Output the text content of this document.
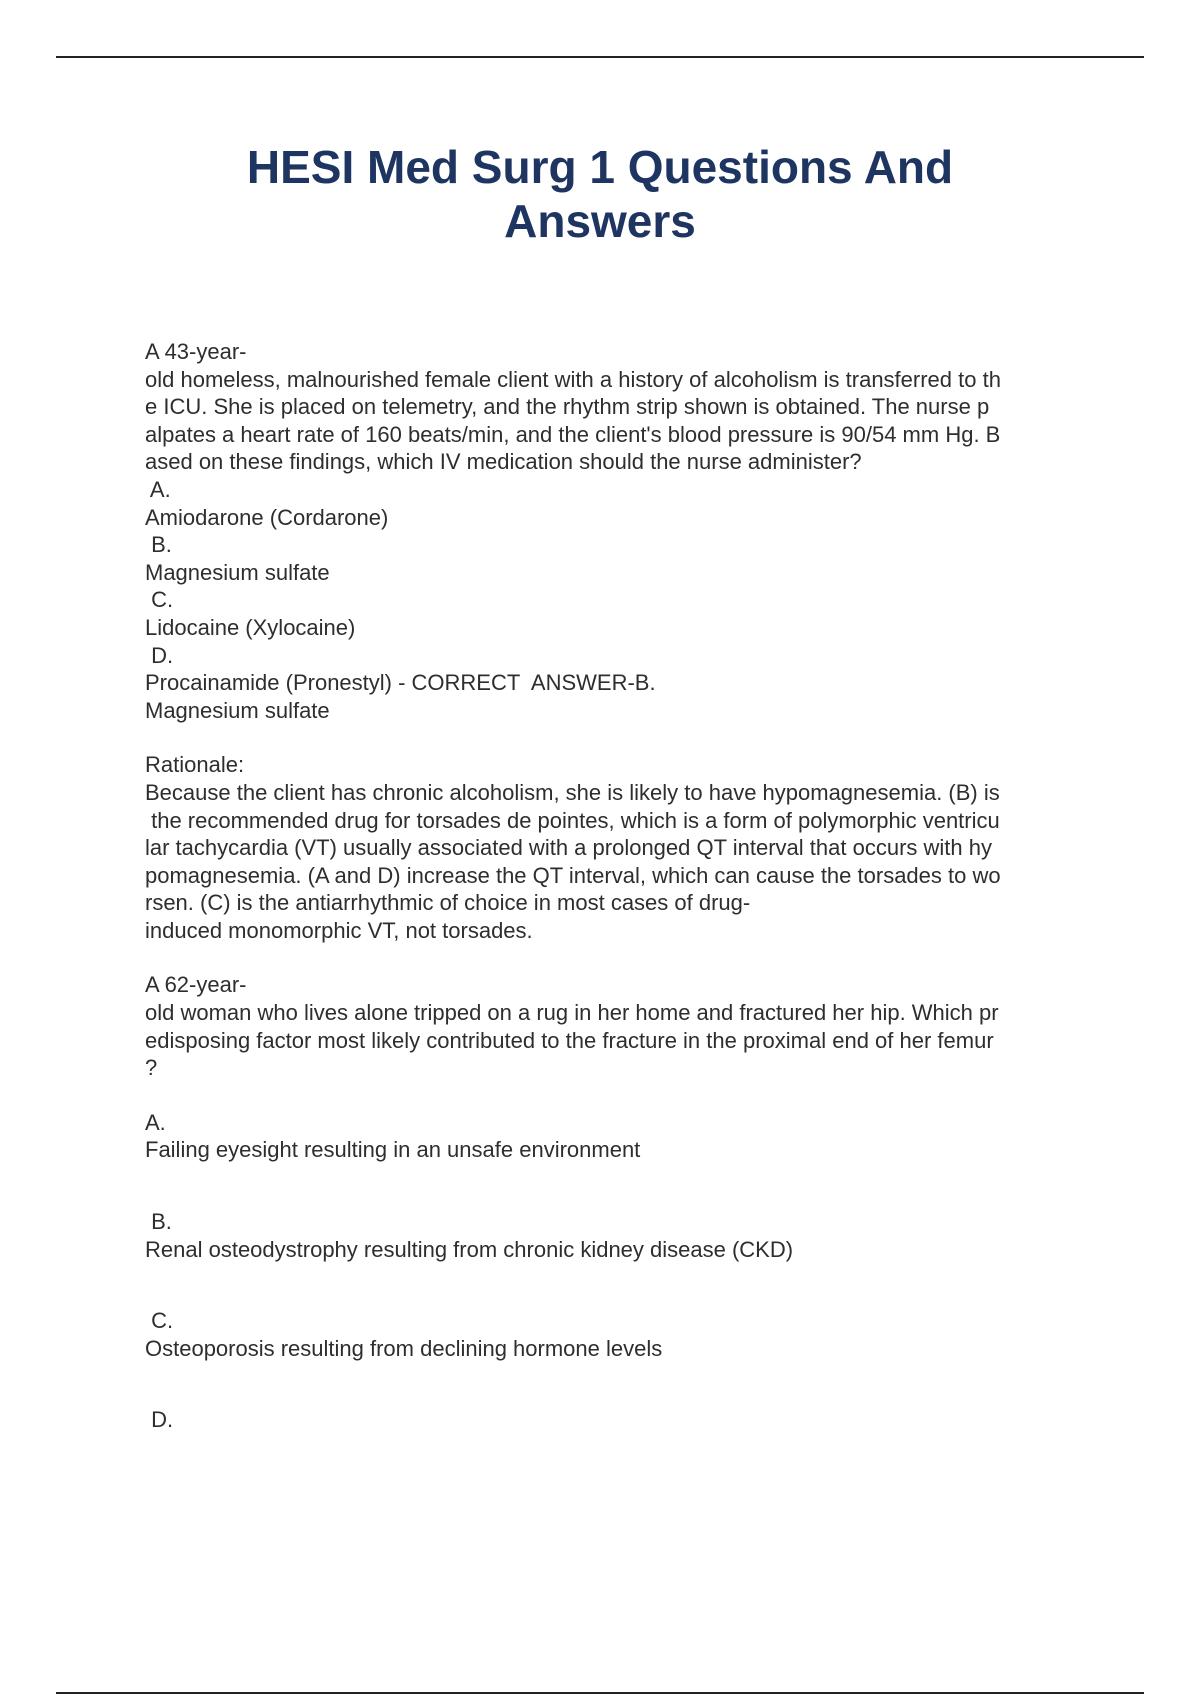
HESI Med Surg 1 Questions And
Answers
A 43-year-
old homeless, malnourished female client with a history of alcoholism is transferred to th
e ICU. She is placed on telemetry, and the rhythm strip shown is obtained. The nurse p
alpates a heart rate of 160 beats/min, and the client's blood pressure is 90/54 mm Hg. B
ased on these findings, which IV medication should the nurse administer?
A.
Amiodarone (Cordarone)
B.
Magnesium sulfate
C.
Lidocaine (Xylocaine)
D.
Procainamide (Pronestyl) - CORRECT  ANSWER-B.
Magnesium sulfate
Rationale:
Because the client has chronic alcoholism, she is likely to have hypomagnesemia. (B) is
the recommended drug for torsades de pointes, which is a form of polymorphic ventricu
lar tachycardia (VT) usually associated with a prolonged QT interval that occurs with hy
pomagnesemia. (A and D) increase the QT interval, which can cause the torsades to wo
rsen. (C) is the antiarrhythmic of choice in most cases of drug-
induced monomorphic VT, not torsades.
A 62-year-
old woman who lives alone tripped on a rug in her home and fractured her hip. Which pr
edisposing factor most likely contributed to the fracture in the proximal end of her femur
?
A.
Failing eyesight resulting in an unsafe environment
B.
Renal osteodystrophy resulting from chronic kidney disease (CKD)
C.
Osteoporosis resulting from declining hormone levels
D.
